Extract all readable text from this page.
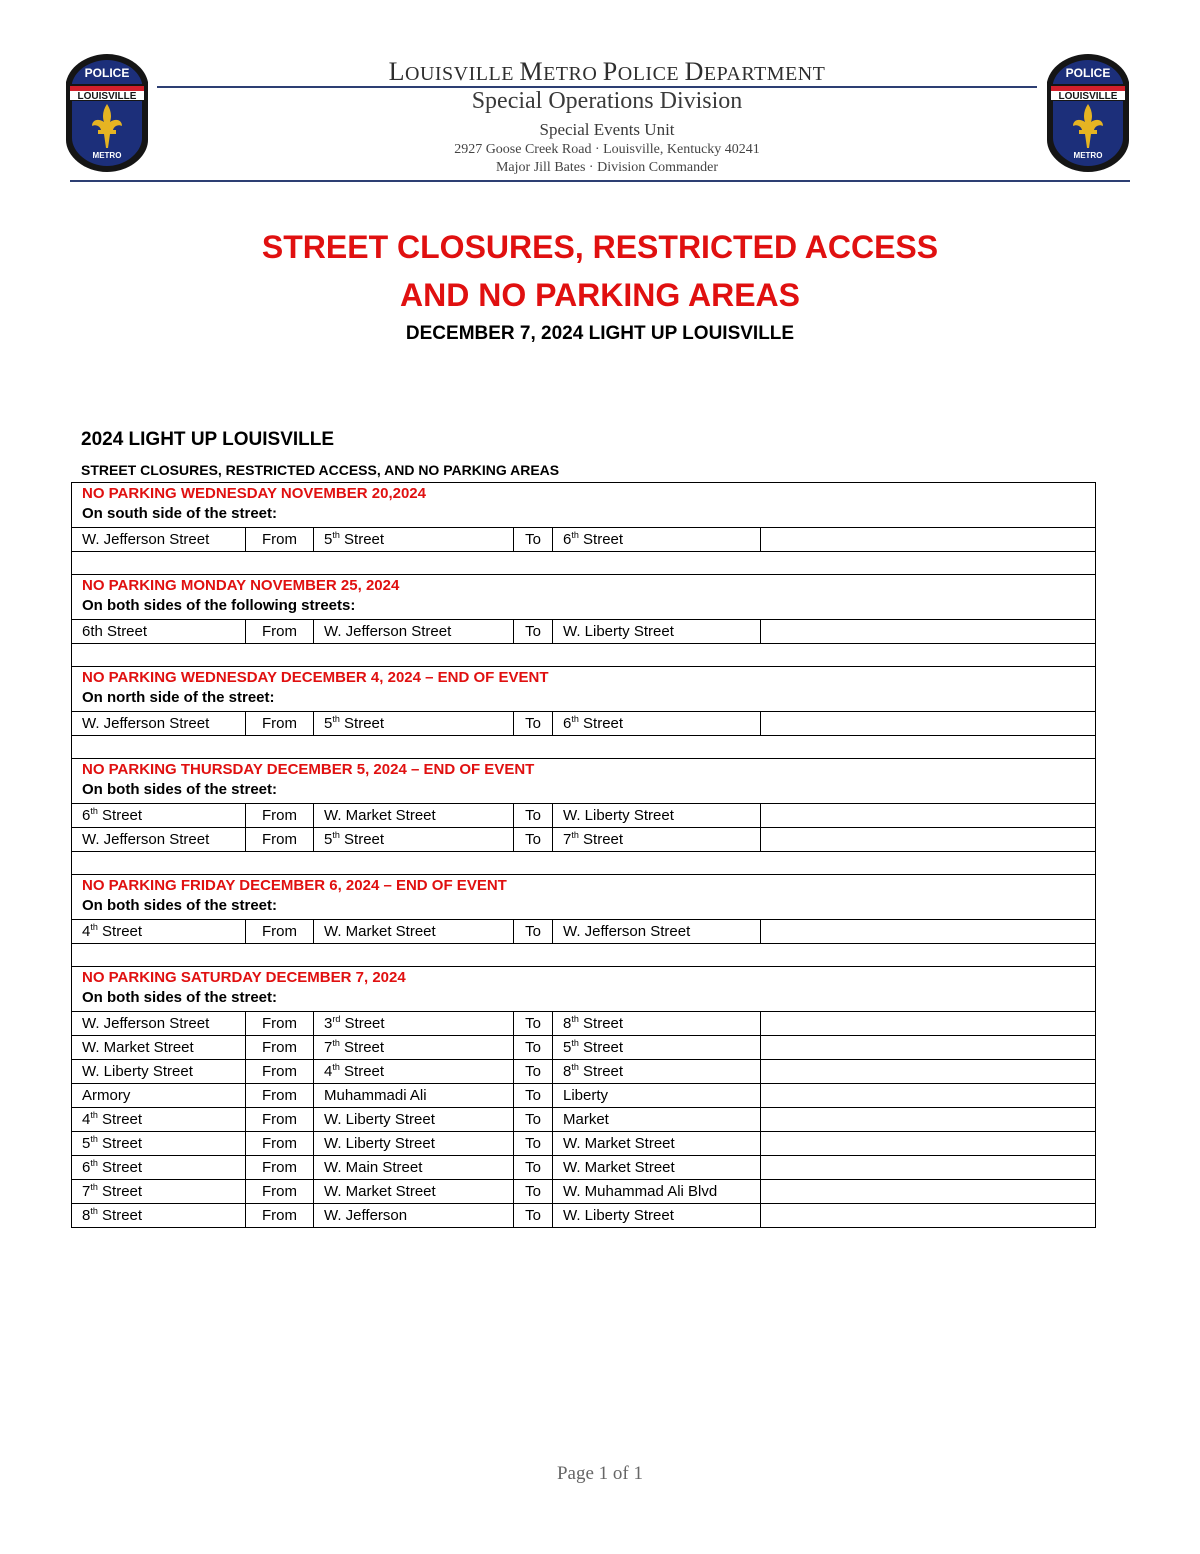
LOUISVILLE
POLICE
METRO
LOUISVILLE
POLICE
METRO
LOUISVILLE METRO POLICE DEPARTMENT
Special Operations Division
Special Events Unit
2927 Goose Creek Road · Louisville, Kentucky 40241
Major Jill Bates · Division Commander
STREET CLOSURES, RESTRICTED ACCESS
AND NO PARKING AREAS
DECEMBER 7, 2024 LIGHT UP LOUISVILLE
2024 LIGHT UP LOUISVILLE
STREET CLOSURES, RESTRICTED ACCESS, AND NO PARKING AREAS
NO PARKING WEDNESDAY NOVEMBER 20,2024
On south side of the street:					

W. Jefferson Street	From	5th Street	To	6th Street	

NO PARKING MONDAY NOVEMBER 25, 2024
On both sides of the following streets:					

6th Street	From	W. Jefferson Street	To	W. Liberty Street	

NO PARKING WEDNESDAY DECEMBER 4, 2024 – END OF EVENT
On north side of the street:					

W. Jefferson Street	From	5th Street	To	6th Street	

NO PARKING THURSDAY DECEMBER 5, 2024 – END OF EVENT
On both sides of the street:					

6th Street	From	W. Market Street	To	W. Liberty Street	
W. Jefferson Street	From	5th Street	To	7th Street	

NO PARKING FRIDAY DECEMBER 6, 2024 – END OF EVENT
On both sides of the street:					

4th Street	From	W. Market Street	To	W. Jefferson Street	

NO PARKING SATURDAY DECEMBER 7, 2024
On both sides of the street:					

W. Jefferson Street	From	3rd Street	To	8th Street	
W. Market Street	From	7th Street	To	5th Street	
W. Liberty Street	From	4th Street	To	8th Street	
Armory	From	Muhammadi Ali	To	Liberty	
4th Street	From	W. Liberty Street	To	Market	
5th Street	From	W. Liberty Street	To	W. Market Street	
6th Street	From	W. Main Street	To	W. Market Street	
7th Street	From	W. Market Street	To	W. Muhammad Ali Blvd	
8th Street	From	W. Jefferson	To	W. Liberty Street	
Page 1 of 1
